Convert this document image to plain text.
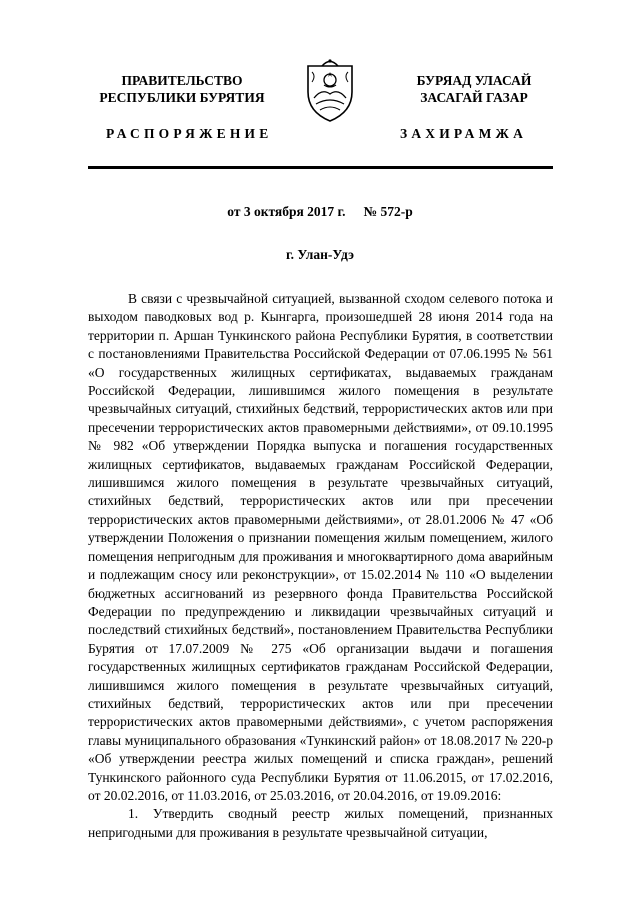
ПРАВИТЕЛЬСТВО
РЕСПУБЛИКИ БУРЯТИЯ
БУРЯАД УЛАСАЙ
ЗАСАГАЙ ГАЗАР
РАСПОРЯЖЕНИЕ	ЗАХИРАМЖА
от 3 октября 2017 г. № 572-р
г. Улан-Удэ

В связи с чрезвычайной ситуацией, вызванной сходом селевого потока и выходом паводковых вод р. Кынгарга, произошедшей 28 июня 2014 года на территории п. Аршан Тункинского района Республики Бурятия, в соответствии с постановлениями Правительства Российской Федерации от 07.06.1995 № 561 «О государственных жилищных сертификатах, выдаваемых гражданам Российской Федерации, лишившимся жилого помещения в результате чрезвычайных ситуаций, стихийных бедствий, террористических актов или при пресечении террористических актов правомерными действиями», от 09.10.1995 № 982 «Об утверждении Порядка выпуска и погашения государственных жилищных сертификатов, выдаваемых гражданам Российской Федерации, лишившимся жилого помещения в результате чрезвычайных ситуаций, стихийных бедствий, террористических актов или при пресечении террористических актов правомерными действиями», от 28.01.2006 № 47 «Об утверждении Положения о признании помещения жилым помещением, жилого помещения непригодным для проживания и многоквартирного дома аварийным и подлежащим сносу или реконструкции», от 15.02.2014 № 110 «О выделении бюджетных ассигнований из резервного фонда Правительства Российской Федерации по предупреждению и ликвидации чрезвычайных ситуаций и последствий стихийных бедствий», постановлением Правительства Республики Бурятия от 17.07.2009 № 275 «Об организации выдачи и погашения государственных жилищных сертификатов гражданам Российской Федерации, лишившимся жилого помещения в результате чрезвычайных ситуаций, стихийных бедствий, террористических актов или при пресечении террористических актов правомерными действиями», с учетом распоряжения главы муниципального образования «Тункинский район» от 18.08.2017 № 220-р «Об утверждении реестра жилых помещений и списка граждан», решений Тункинского районного суда Республики Бурятия от 11.06.2015, от 17.02.2016, от 20.02.2016, от 11.03.2016, от 25.03.2016, от 20.04.2016, от 19.09.2016:

1. Утвердить сводный реестр жилых помещений, признанных непригодными для проживания в результате чрезвычайной ситуации,
